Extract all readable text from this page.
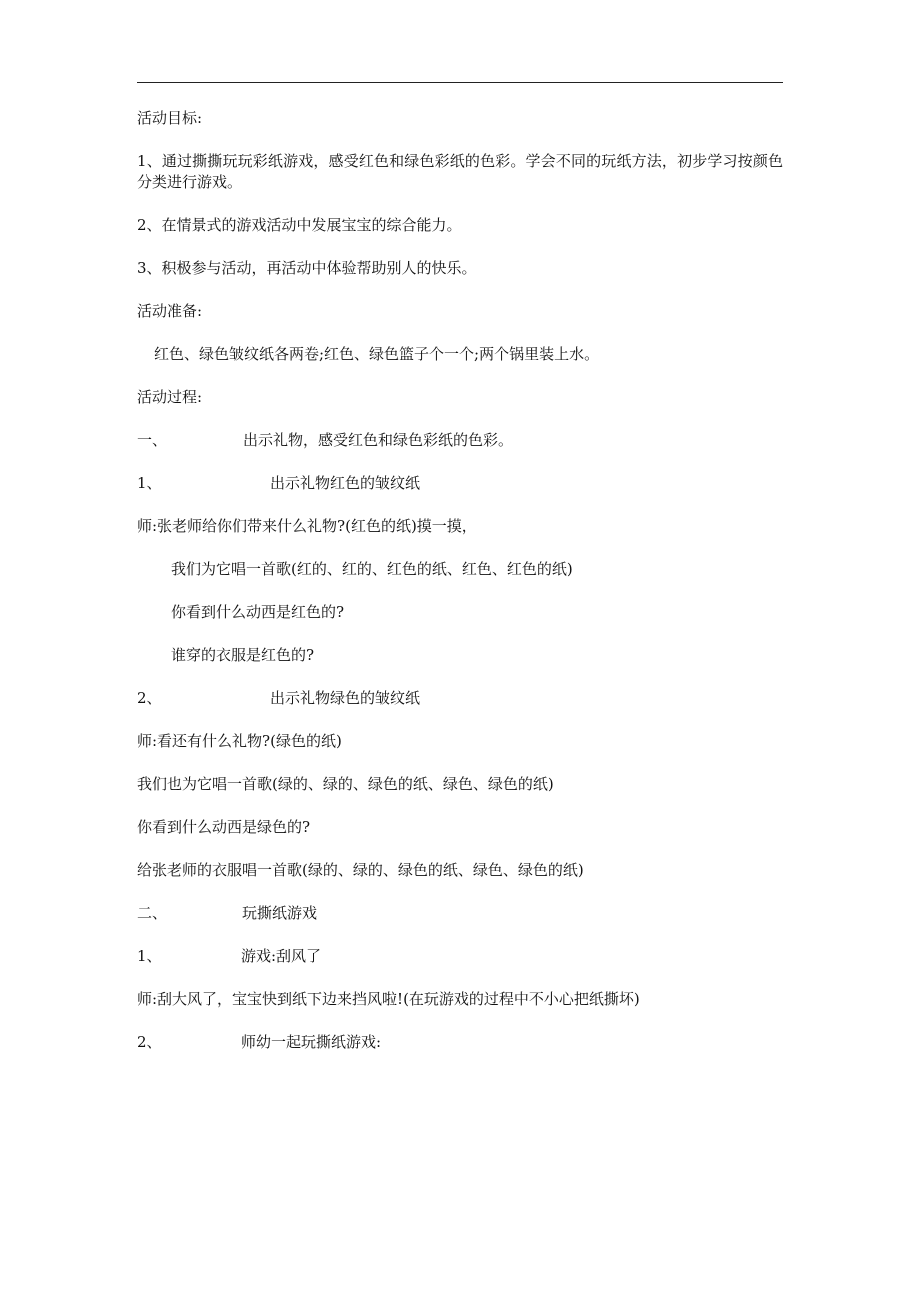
活动目标:

1、通过撕撕玩玩彩纸游戏，感受红色和绿色彩纸的色彩。学会不同的玩纸方法，初步学习按颜色分类进行游戏。

2、在情景式的游戏活动中发展宝宝的综合能力。

3、积极参与活动，再活动中体验帮助别人的快乐。

活动准备:

红色、绿色皱纹纸各两卷;红色、绿色篮子个一个;两个锅里装上水。

活动过程:

一、	出示礼物，感受红色和绿色彩纸的色彩。

1、	出示礼物红色的皱纹纸

师:张老师给你们带来什么礼物?(红色的纸)摸一摸，

我们为它唱一首歌(红的、红的、红色的纸、红色、红色的纸)

你看到什么动西是红色的?

谁穿的衣服是红色的?

2、	出示礼物绿色的皱纹纸

师:看还有什么礼物?(绿色的纸)

我们也为它唱一首歌(绿的、绿的、绿色的纸、绿色、绿色的纸)

你看到什么动西是绿色的?

给张老师的衣服唱一首歌(绿的、绿的、绿色的纸、绿色、绿色的纸)

二、	玩撕纸游戏

1、	游戏:刮风了

师:刮大风了，宝宝快到纸下边来挡风啦!(在玩游戏的过程中不小心把纸撕坏)

2、	师幼一起玩撕纸游戏:
